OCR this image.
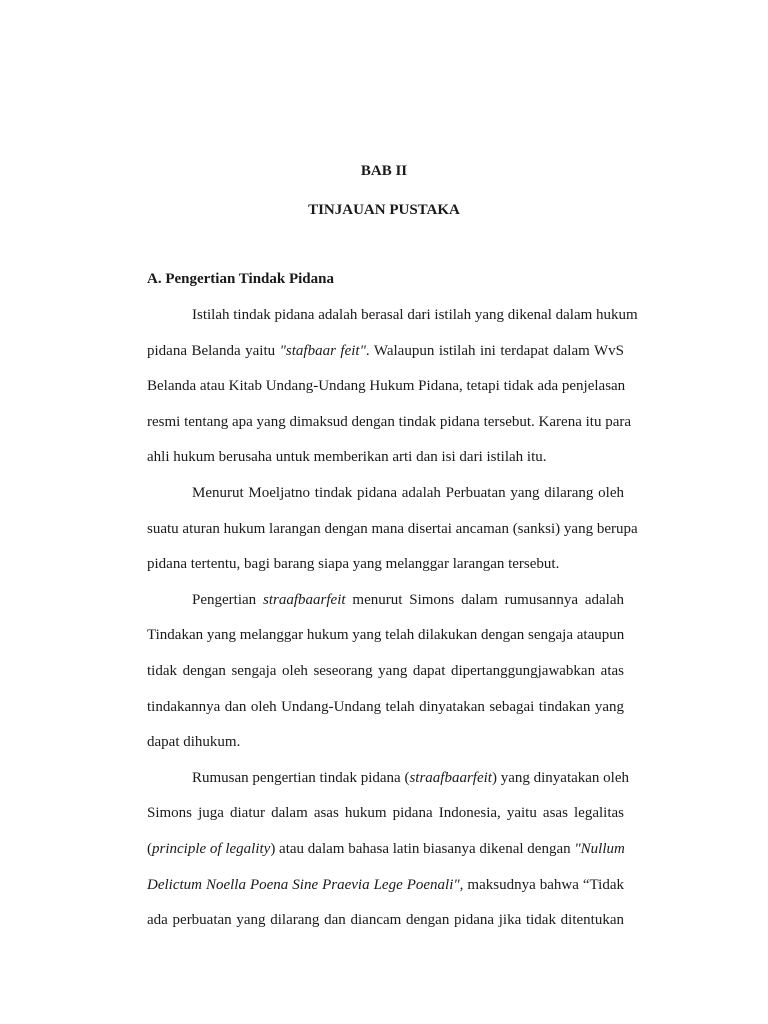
BAB II
TINJAUAN PUSTAKA
A. Pengertian Tindak Pidana
Istilah tindak pidana adalah berasal dari istilah yang dikenal dalam hukum
pidana Belanda yaitu "stafbaar feit". Walaupun istilah ini terdapat dalam WvS
Belanda atau Kitab Undang-Undang Hukum Pidana, tetapi tidak ada penjelasan
resmi tentang apa yang dimaksud dengan tindak pidana tersebut. Karena itu para
ahli hukum berusaha untuk memberikan arti dan isi dari istilah itu.
Menurut Moeljatno tindak pidana adalah Perbuatan yang dilarang oleh
suatu aturan hukum larangan dengan mana disertai ancaman (sanksi) yang berupa
pidana tertentu, bagi barang siapa yang melanggar larangan tersebut.
Pengertian straafbaarfeit menurut Simons dalam rumusannya adalah
Tindakan yang melanggar hukum yang telah dilakukan dengan sengaja ataupun
tidak dengan sengaja oleh seseorang yang dapat dipertanggungjawabkan atas
tindakannya dan oleh Undang-Undang telah dinyatakan sebagai tindakan yang
dapat dihukum.
Rumusan pengertian tindak pidana (straafbaarfeit) yang dinyatakan oleh
Simons juga diatur dalam asas hukum pidana Indonesia, yaitu asas legalitas
(principle of legality) atau dalam bahasa latin biasanya dikenal dengan "Nullum
Delictum Noella Poena Sine Praevia Lege Poenali", maksudnya bahwa “Tidak
ada perbuatan yang dilarang dan diancam dengan pidana jika tidak ditentukan
